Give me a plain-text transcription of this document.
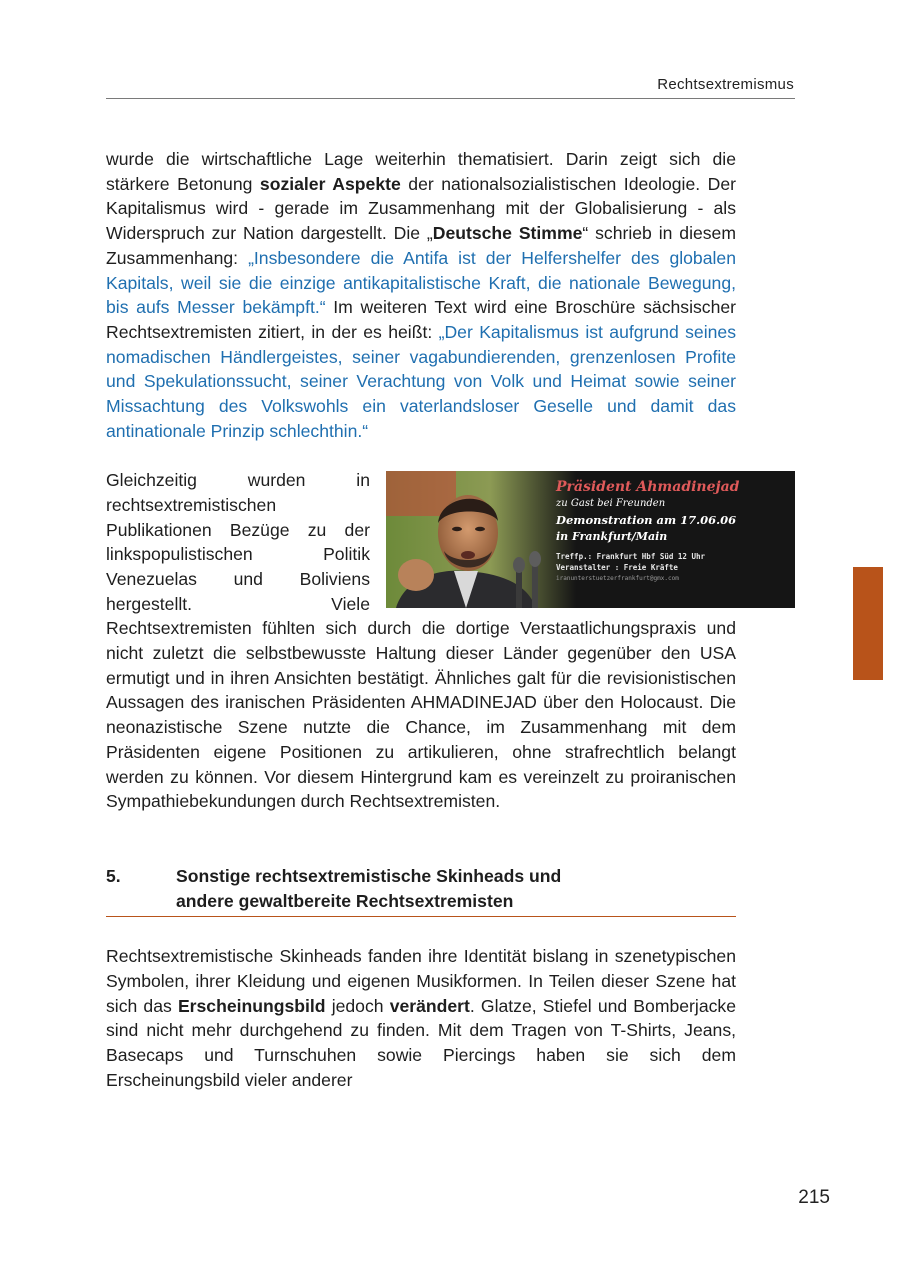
Rechtsextremismus

wurde die wirtschaftliche Lage weiterhin thematisiert. Darin zeigt sich die stärkere Betonung sozialer Aspekte der nationalsozialistischen Ideologie. Der Kapitalismus wird - gerade im Zusammenhang mit der Globalisierung - als Widerspruch zur Nation dargestellt. Die „Deutsche Stimme“ schrieb in diesem Zusammenhang: „Insbesondere die Antifa ist der Helfershelfer des globalen Kapitals, weil sie die einzige antikapitalistische Kraft, die nationale Bewegung, bis aufs Messer bekämpft.“ Im weiteren Text wird eine Broschüre sächsischer Rechtsextremisten zitiert, in der es heißt: „Der Kapitalismus ist aufgrund seines nomadischen Händlergeistes, seiner vagabundierenden, grenzenlosen Profite und Spekulationssucht, seiner Verachtung von Volk und Heimat sowie seiner Missachtung des Volkswohls ein vaterlandsloser Geselle und damit das antinationale Prinzip schlechthin.“

Präsident Ahmadinejad
zu Gast bei Freunden
Demonstration am 17.06.06
in Frankfurt/Main
Treffp.: Frankfurt Hbf Süd 12 Uhr
Veranstalter : Freie Kräfte
iranunterstuetzerfrankfurt@gmx.com
Gleichzeitig wurden in rechtsextremistischen Publikationen Bezüge zu der linkspopulistischen Politik Venezuelas und Boliviens hergestellt. Viele Rechtsextremisten fühlten sich durch die dortige Verstaatlichungspraxis und nicht zuletzt die selbstbewusste Haltung dieser Länder gegenüber den USA ermutigt und in ihren Ansichten bestätigt. Ähnliches galt für die revisionistischen Aussagen des iranischen Präsidenten AHMADINEJAD über den Holocaust. Die neonazistische Szene nutzte die Chance, im Zusammenhang mit dem Präsidenten eigene Positionen zu artikulieren, ohne strafrechtlich belangt werden zu können. Vor diesem Hintergrund kam es vereinzelt zu proiranischen Sympathiebekundungen durch Rechtsextremisten.

5.	Sonstige rechtsextremistische Skinheads und
andere gewaltbereite Rechtsextremisten

Rechtsextremistische Skinheads fanden ihre Identität bislang in szenetypischen Symbolen, ihrer Kleidung und eigenen Musikformen. In Teilen dieser Szene hat sich das Erscheinungsbild jedoch verändert. Glatze, Stiefel und Bomberjacke sind nicht mehr durchgehend zu finden. Mit dem Tragen von T-Shirts, Jeans, Basecaps und Turnschuhen sowie Piercings haben sie sich dem Erscheinungsbild vieler anderer

215
